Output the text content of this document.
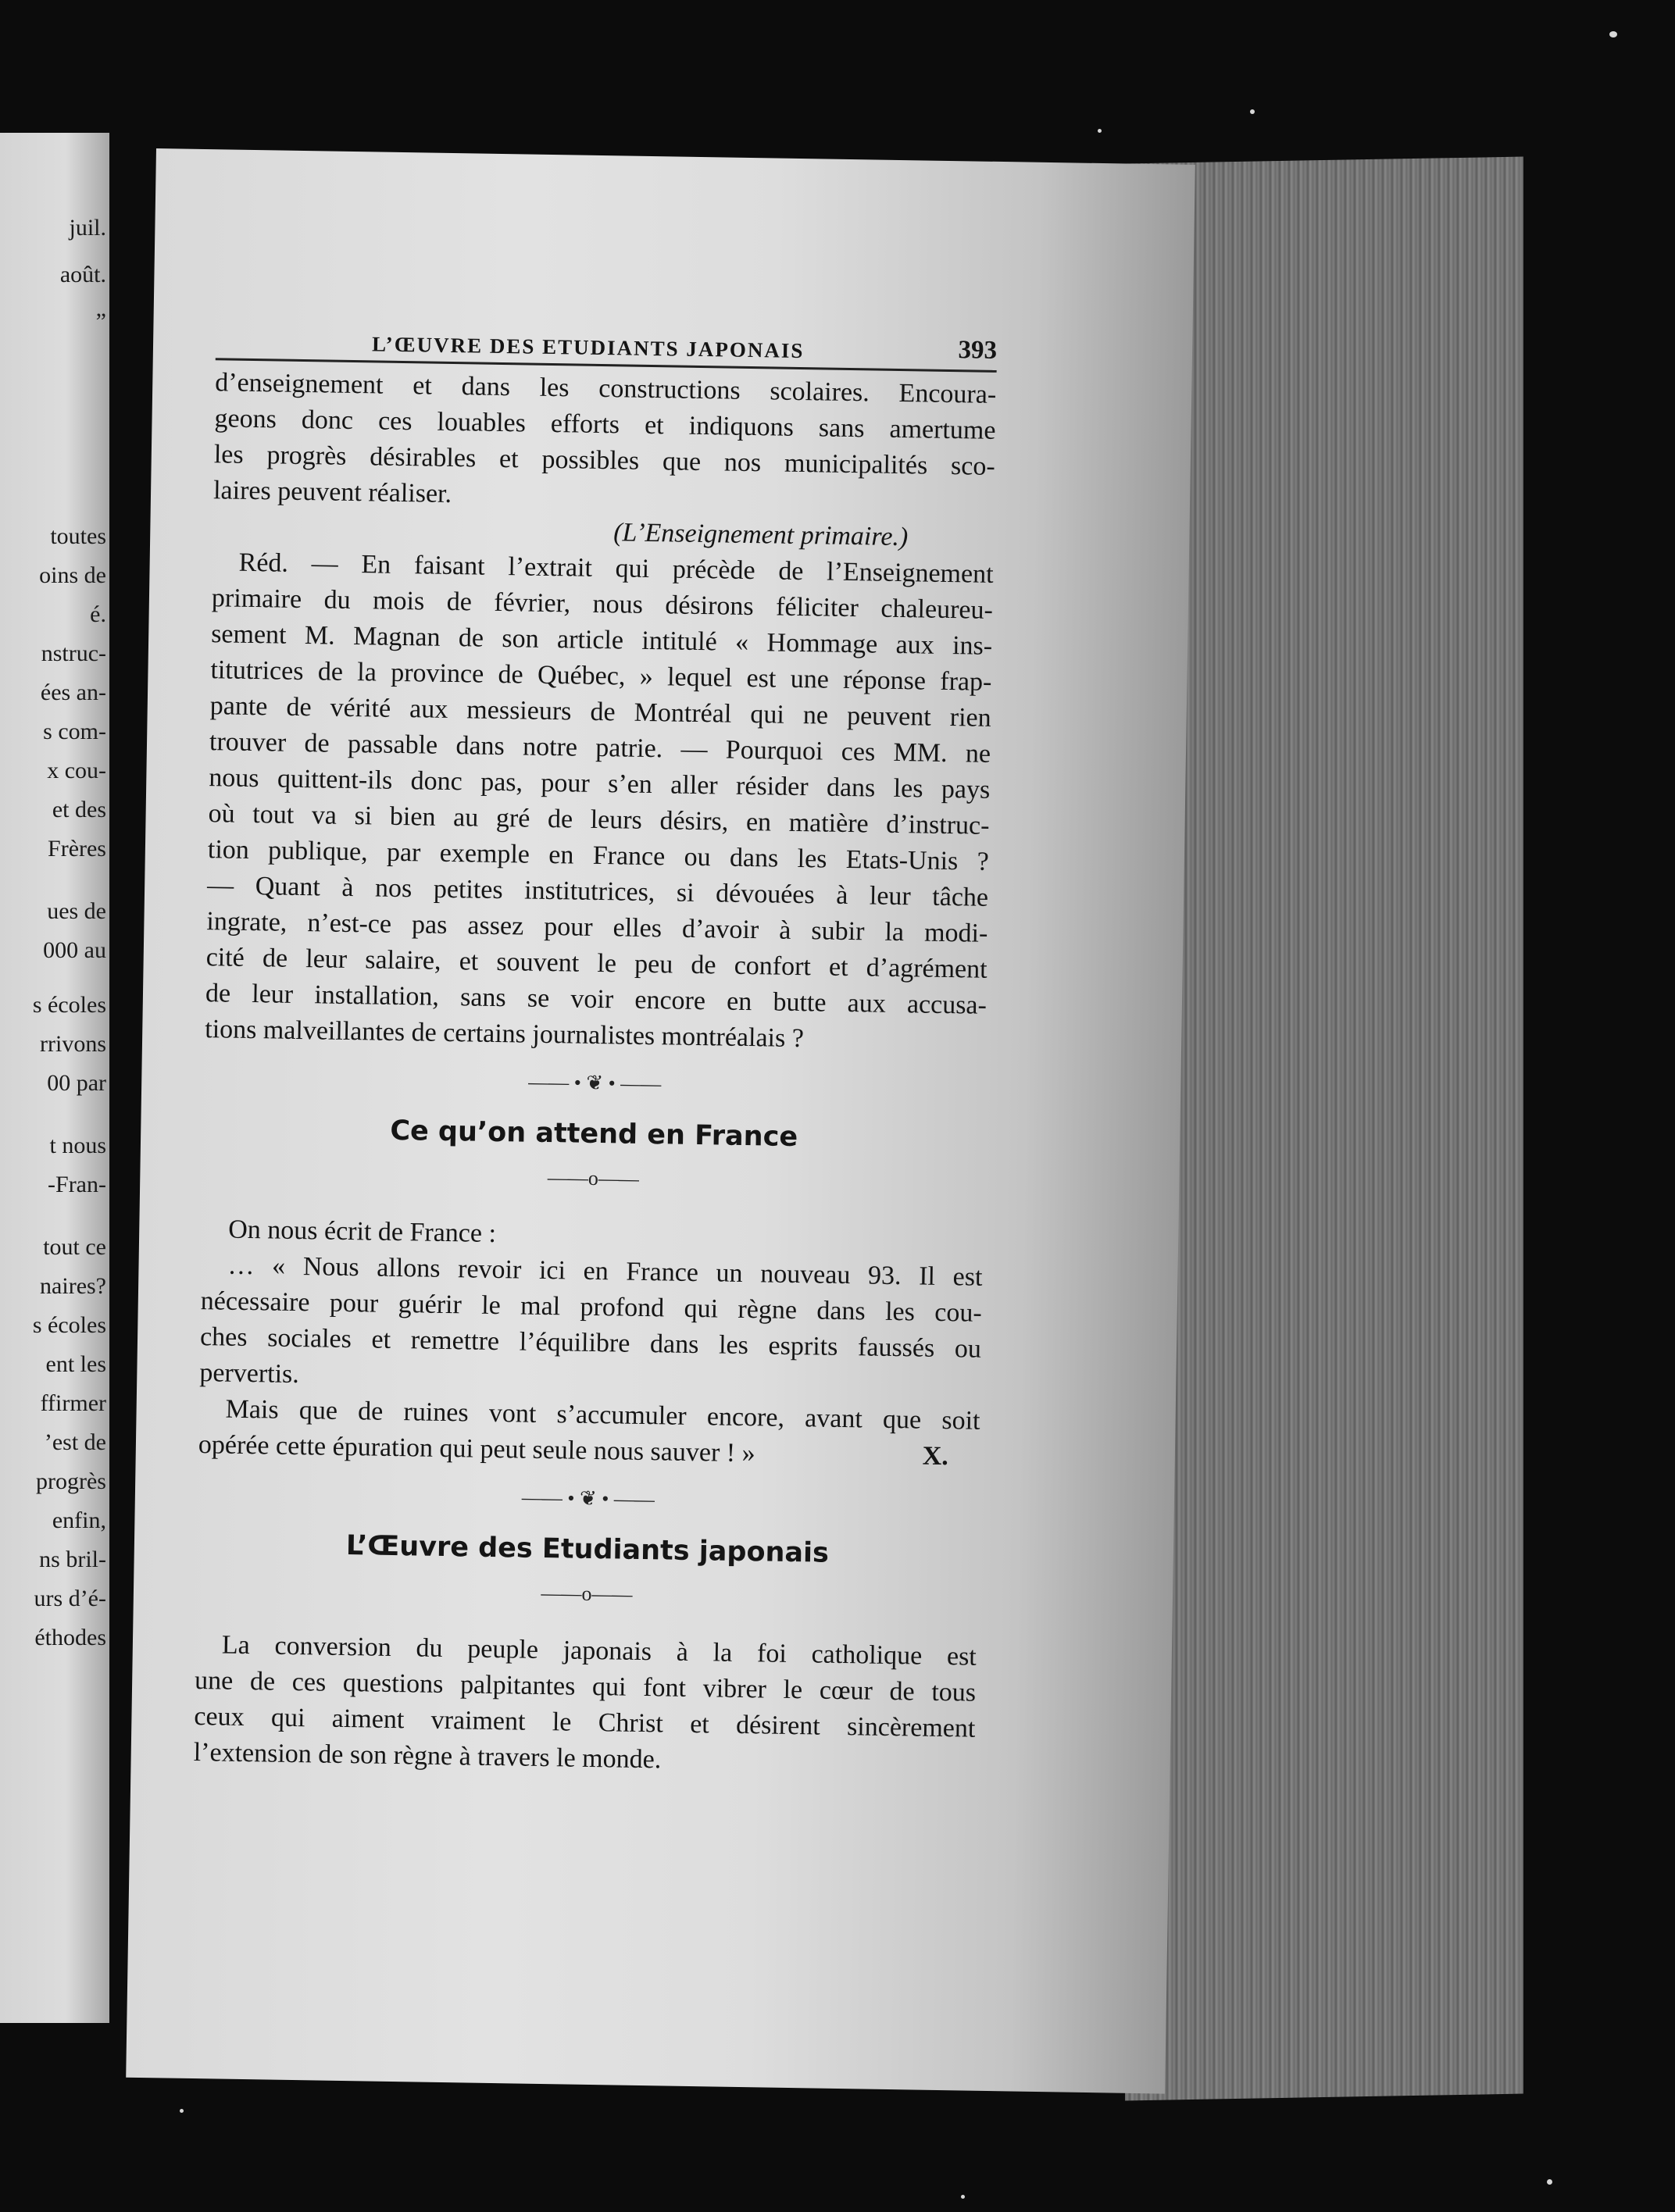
juil.
août.
”
toutes
oins de
é.
nstruc-
ées an-
s com-
x cou-
et des
Frères
ues de
000 au
s écoles
rrivons
00 par
t nous
-Fran-
tout ce
naires?
s écoles
ent les
ffirmer
’est de
progrès
enfin,
ns bril-
urs d’é-
éthodes
L’ŒUVRE DES ETUDIANTS JAPONAIS	393
d’enseignement et dans les constructions scolaires. Encoura-
geons donc ces louables efforts et indiquons sans amertume
les progrès désirables et possibles que nos municipalités sco-
laires peuvent réaliser.
(L’Enseignement primaire.)
Réd. — En faisant l’extrait qui précède de l’Enseignement
primaire du mois de février, nous désirons féliciter chaleureu-
sement M. Magnan de son article intitulé « Hommage aux ins-
titutrices de la province de Québec, » lequel est une réponse frap-
pante de vérité aux messieurs de Montréal qui ne peuvent rien
trouver de passable dans notre patrie. — Pourquoi ces MM. ne
nous quittent-ils donc pas, pour s’en aller résider dans les pays
où tout va si bien au gré de leurs désirs, en matière d’instruc-
tion publique, par exemple en France ou dans les Etats-Unis ?
— Quant à nos petites institutrices, si dévouées à leur tâche
ingrate, n’est-ce pas assez pour elles d’avoir à subir la modi-
cité de leur salaire, et souvent le peu de confort et d’agrément
de leur installation, sans se voir encore en butte aux accusa-
tions malveillantes de certains journalistes montréalais ?
—— • ❦ • ——
Ce qu’on attend en France
——o——
On nous écrit de France :
… « Nous allons revoir ici en France un nouveau 93. Il est
nécessaire pour guérir le mal profond qui règne dans les cou-
ches sociales et remettre l’équilibre dans les esprits faussés ou
pervertis.
Mais que de ruines vont s’accumuler encore, avant que soit
opérée cette épuration qui peut seule nous sauver ! »	X.
—— • ❦ • ——
L’Œuvre des Etudiants japonais
——o——
La conversion du peuple japonais à la foi catholique est
une de ces questions palpitantes qui font vibrer le cœur de tous
ceux qui aiment vraiment le Christ et désirent sincèrement
l’extension de son règne à travers le monde.
